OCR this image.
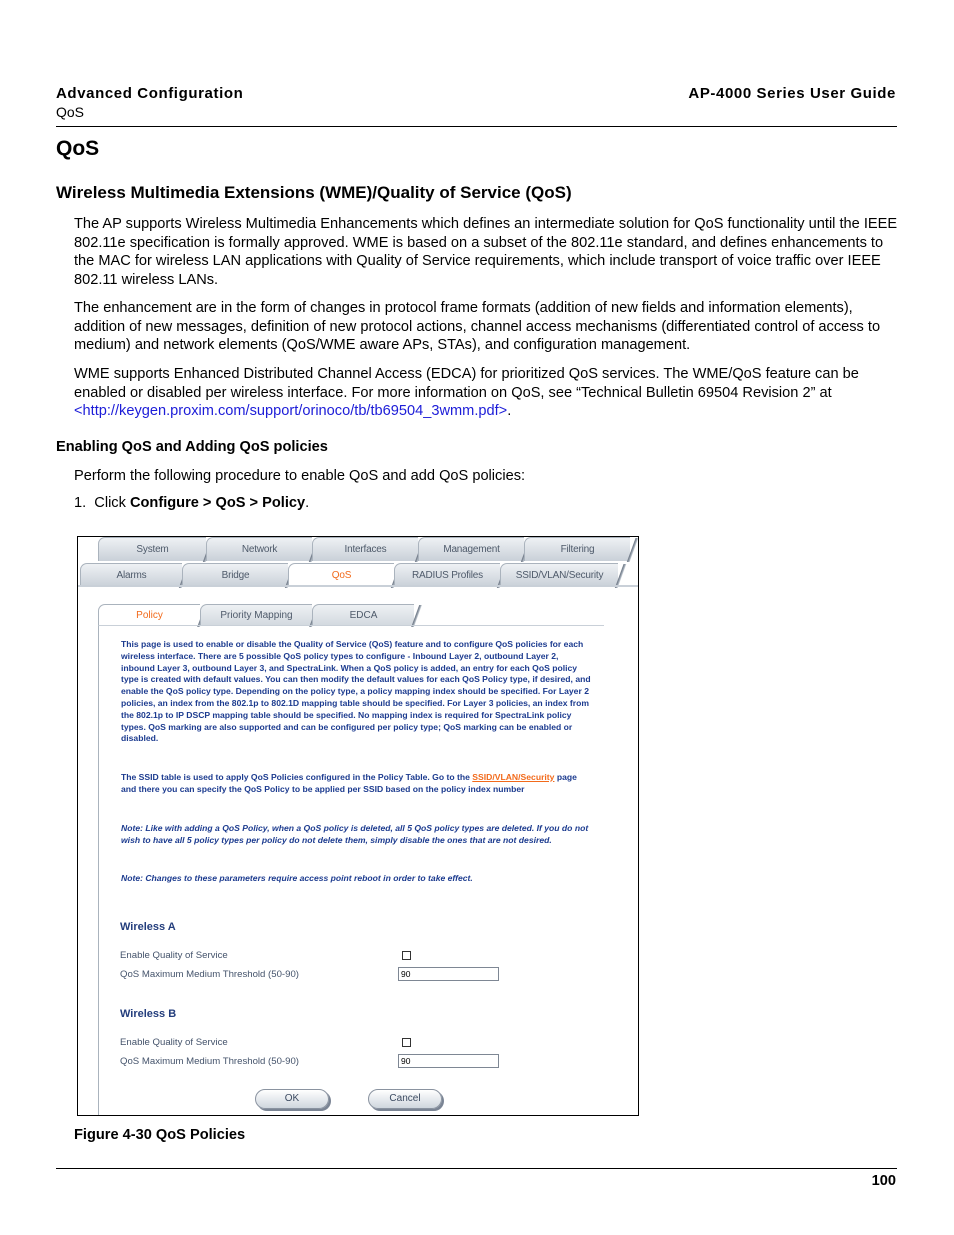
Advanced Configuration
QoS
AP-4000 Series User Guide
QoS
Wireless Multimedia Extensions (WME)/Quality of Service (QoS)
The AP supports Wireless Multimedia Enhancements which defines an intermediate solution for QoS functionality until the IEEE 802.11e specification is formally approved. WME is based on a subset of the 802.11e standard, and defines enhancements to the MAC for wireless LAN applications with Quality of Service requirements, which include transport of voice traffic over IEEE 802.11 wireless LANs.
The enhancement are in the form of changes in protocol frame formats (addition of new fields and information elements), addition of new messages, definition of new protocol actions, channel access mechanisms (differentiated control of access to medium) and network elements (QoS/WME aware APs, STAs), and configuration management.
WME supports Enhanced Distributed Channel Access (EDCA) for prioritized QoS services. The WME/QoS feature can be enabled or disabled per wireless interface. For more information on QoS, see “Technical Bulletin 69504 Revision 2” at <http://keygen.proxim.com/support/orinoco/tb/tb69504_3wmm.pdf>.
Enabling QoS and Adding QoS policies
Perform the following procedure to enable QoS and add QoS policies:
1. Click Configure > QoS > Policy.
System	Network	Interfaces	Management	Filtering
Alarms	Bridge	QoS	RADIUS Profiles	SSID/VLAN/Security
Policy	Priority Mapping	EDCA
This page is used to enable or disable the Quality of Service (QoS) feature and to configure QoS policies for each wireless interface. There are 5 possible QoS policy types to configure - Inbound Layer 2, outbound Layer 2, inbound Layer 3, outbound Layer 3, and SpectraLink. When a QoS policy is added, an entry for each QoS policy type is created with default values. You can then modify the default values for each QoS Policy type, if desired, and enable the QoS policy type. Depending on the policy type, a policy mapping index should be specified. For Layer 2 policies, an index from the 802.1p to 802.1D mapping table should be specified. For Layer 3 policies, an index from the 802.1p to IP DSCP mapping table should be specified. No mapping index is required for SpectraLink policy types. QoS marking are also supported and can be configured per policy type; QoS marking can be enabled or disabled.
The SSID table is used to apply QoS Policies configured in the Policy Table. Go to the SSID/VLAN/Security page and there you can specify the QoS Policy to be applied per SSID based on the policy index number
Note: Like with adding a QoS Policy, when a QoS policy is deleted, all 5 QoS policy types are deleted. If you do not wish to have all 5 policy types per policy do not delete them, simply disable the ones that are not desired.
Note: Changes to these parameters require access point reboot in order to take effect.
Wireless A
Enable Quality of Service
QoS Maximum Medium Threshold (50-90)	90
Wireless B
Enable Quality of Service
QoS Maximum Medium Threshold (50-90)	90
OK	Cancel
Figure 4-30 QoS Policies
100
